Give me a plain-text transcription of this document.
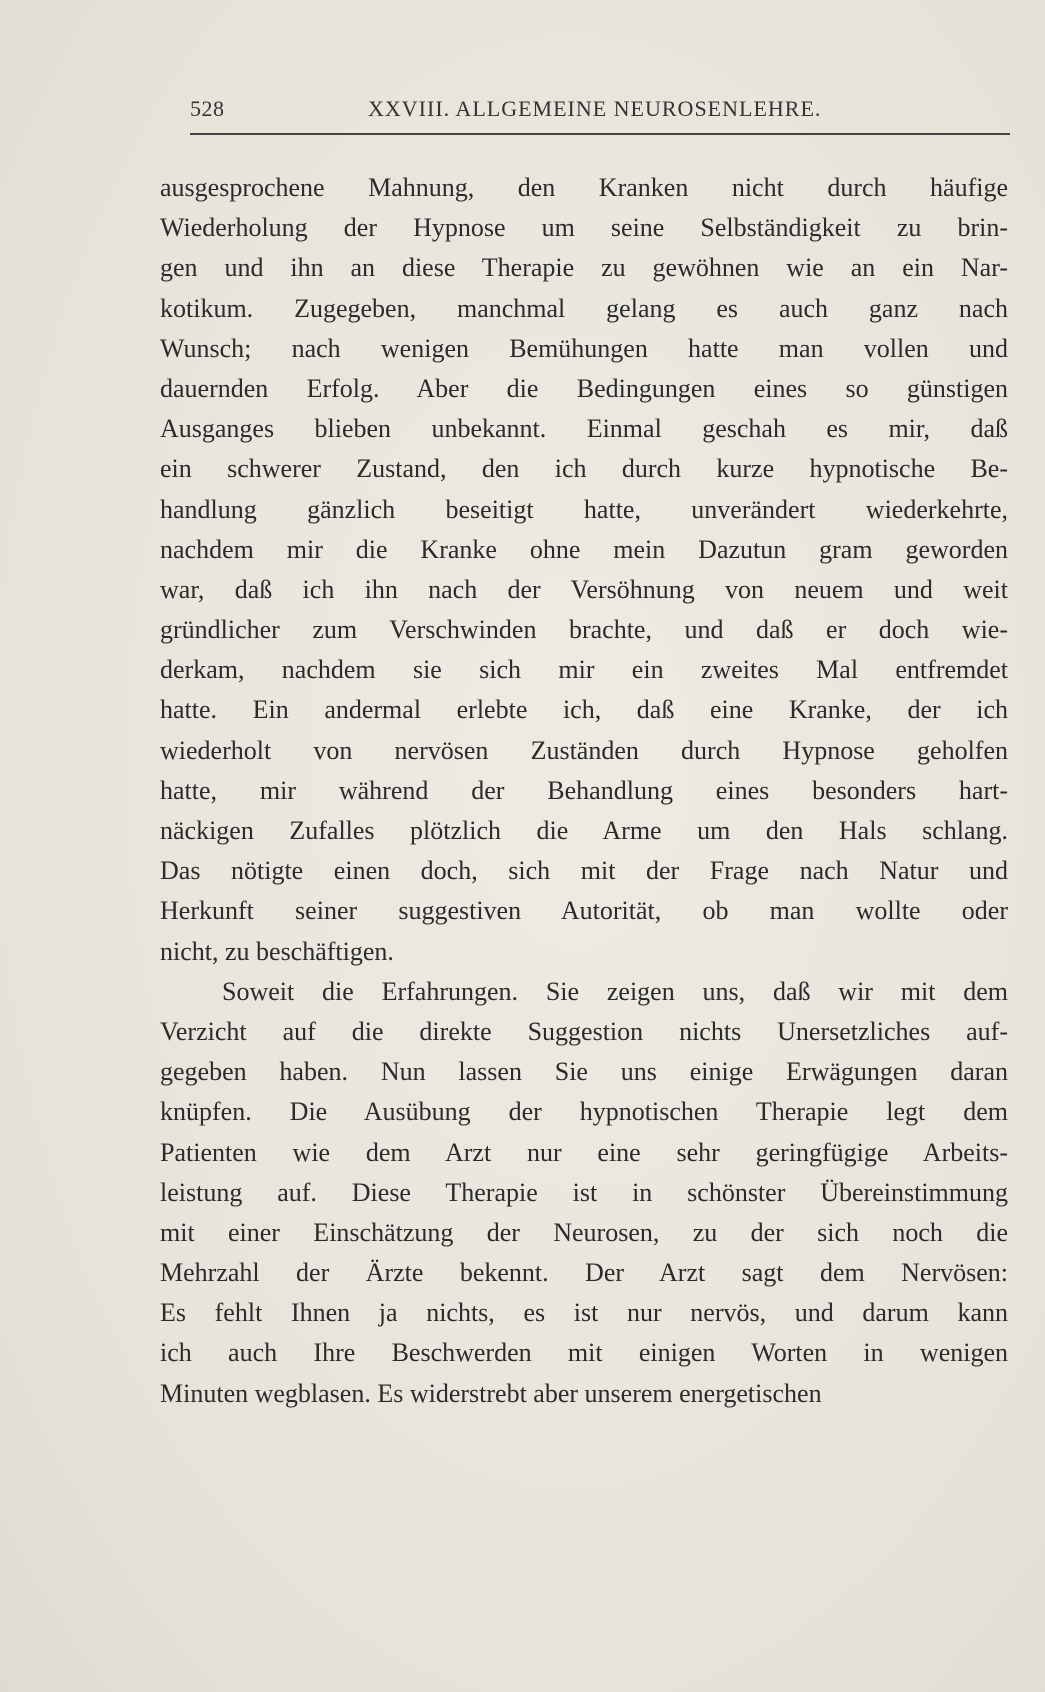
528	XXVIII. ALLGEMEINE NEUROSENLEHRE.
ausgesprochene Mahnung, den Kranken nicht durch häufige
Wiederholung der Hypnose um seine Selbständigkeit zu brin-
gen und ihn an diese Therapie zu gewöhnen wie an ein Nar-
kotikum. Zugegeben, manchmal gelang es auch ganz nach
Wunsch; nach wenigen Bemühungen hatte man vollen und
dauernden Erfolg. Aber die Bedingungen eines so günstigen
Ausganges blieben unbekannt. Einmal geschah es mir, daß
ein schwerer Zustand, den ich durch kurze hypnotische Be-
handlung gänzlich beseitigt hatte, unverändert wiederkehrte,
nachdem mir die Kranke ohne mein Dazutun gram geworden
war, daß ich ihn nach der Versöhnung von neuem und weit
gründlicher zum Verschwinden brachte, und daß er doch wie-
derkam, nachdem sie sich mir ein zweites Mal entfremdet
hatte. Ein andermal erlebte ich, daß eine Kranke, der ich
wiederholt von nervösen Zuständen durch Hypnose geholfen
hatte, mir während der Behandlung eines besonders hart-
näckigen Zufalles plötzlich die Arme um den Hals schlang.
Das nötigte einen doch, sich mit der Frage nach Natur und
Herkunft seiner suggestiven Autorität, ob man wollte oder
nicht, zu beschäftigen.
Soweit die Erfahrungen. Sie zeigen uns, daß wir mit dem
Verzicht auf die direkte Suggestion nichts Unersetzliches auf-
gegeben haben. Nun lassen Sie uns einige Erwägungen daran
knüpfen. Die Ausübung der hypnotischen Therapie legt dem
Patienten wie dem Arzt nur eine sehr geringfügige Arbeits-
leistung auf. Diese Therapie ist in schönster Übereinstimmung
mit einer Einschätzung der Neurosen, zu der sich noch die
Mehrzahl der Ärzte bekennt. Der Arzt sagt dem Nervösen:
Es fehlt Ihnen ja nichts, es ist nur nervös, und darum kann
ich auch Ihre Beschwerden mit einigen Worten in wenigen
Minuten wegblasen. Es widerstrebt aber unserem energetischen
